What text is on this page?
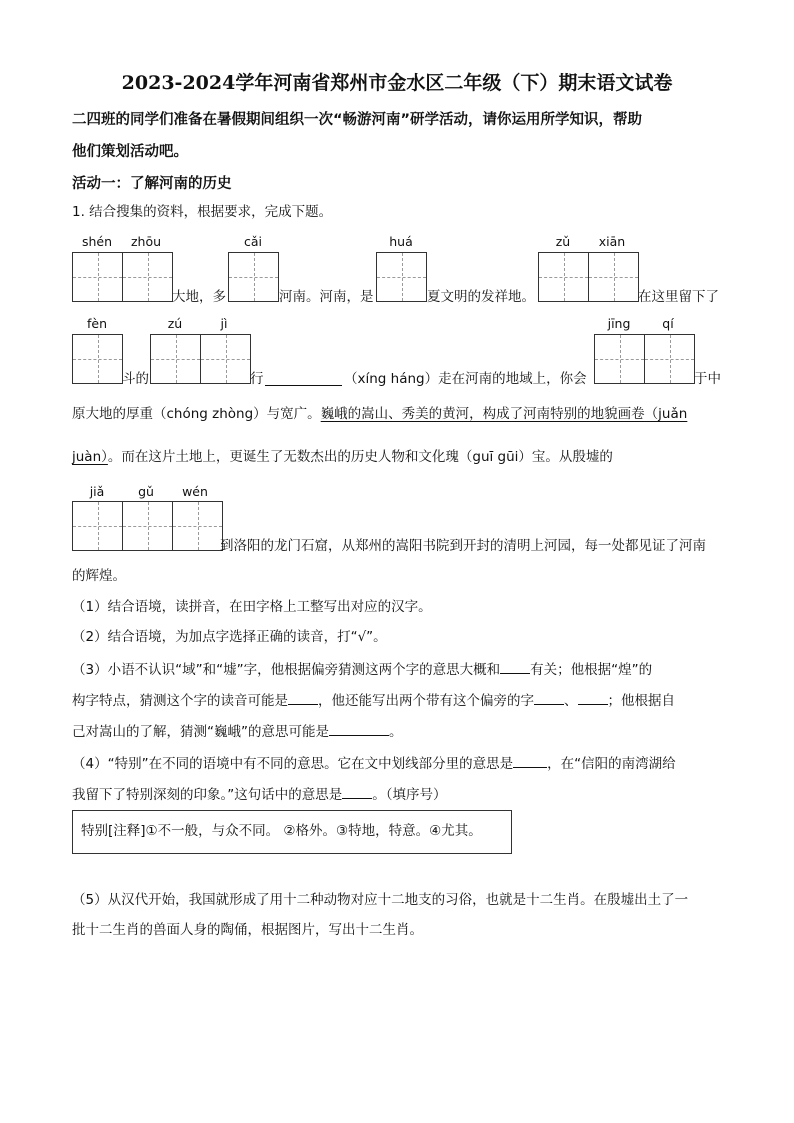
2023-2024学年河南省郑州市金水区二年级（下）期末语文试卷
二四班的同学们准备在暑假期间组织一次“畅游河南”研学活动，请你运用所学知识，帮助
他们策划活动吧。
活动一：了解河南的历史
1. 结合搜集的资料，根据要求，完成下题。
shén	zhōu	cǎi	huá	zǔ	xiān
大地，多	河南。河南，是	夏文明的发祥地。	在这里留下了
fèn	zú	jì	jīng	qí
斗的	行	（xíng háng）走在河南的地域上，你会	于中
原大地的厚重（chóng zhòng）与宽广。巍峨的嵩山、秀美的黄河，构成了河南特别的地貌画卷（juǎn
juàn）。而在这片土地上，更诞生了无数杰出的历史人物和文化瑰（guī gūi）宝。从殷墟的
jiǎ	gǔ	wén
到洛阳的龙门石窟，从郑州的嵩阳书院到开封的清明上河园，每一处都见证了河南
的辉煌。
（1）结合语境，读拼音，在田字格上工整写出对应的汉字。
（2）结合语境，为加点字选择正确的读音，打“√”。
（3）小语不认识“域”和“墟”字，他根据偏旁猜测这两个字的意思大概和 有关；他根据“煌”的
构字特点，猜测这个字的读音可能是 ，他还能写出两个带有这个偏旁的字 、 ；他根据自
己对嵩山的了解，猜测“巍峨”的意思可能是	。
（4）“特别”在不同的语境中有不同的意思。它在文中划线部分里的意思是	，在“信阳的南湾湖给
我留下了特别深刻的印象。”这句话中的意思是 。（填序号）
特别[注释]①不一般，与众不同。 ②格外。③特地，特意。④尤其。
（5）从汉代开始，我国就形成了用十二种动物对应十二地支的习俗，也就是十二生肖。在殷墟出土了一
批十二生肖的兽面人身的陶俑，根据图片，写出十二生肖。
